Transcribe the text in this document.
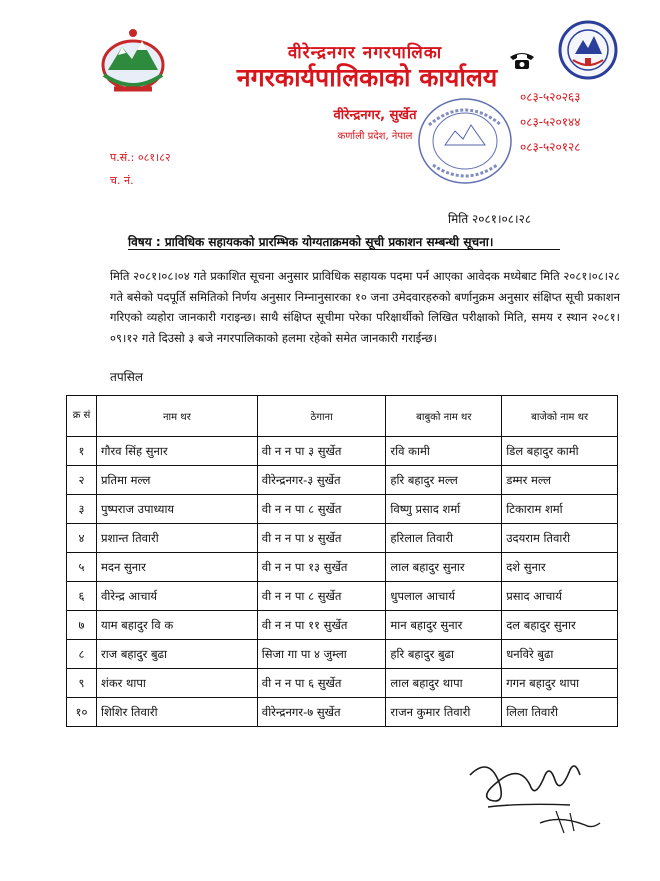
वीरेन्द्रनगर नगरपालिका
नगरकार्यपालिकाको कार्यालय
वीरेन्द्रनगर, सुर्खेत
कर्णाली प्रदेश, नेपाल
प.सं.: ०८१।८२
च. नं.
०८३-५२०२६३
०८३-५२०१४४
०८३-५२०१२८
मिति २०८१।०८।२८
विषय : प्राविधिक सहायकको प्रारम्भिक योग्यताक्रमको सूची प्रकाशन सम्बन्धी सूचना।
मिति २०८१।०८।०४ गते प्रकाशित सूचना अनुसार प्राविधिक सहायक पदमा पर्न आएका आवेदक मध्येबाट मिति २०८१।०८।२८ गते बसेको पदपूर्ति समितिको निर्णय अनुसार निम्नानुसारका १० जना उमेदवारहरुको बर्णानुक्रम अनुसार संक्षिप्त सूची प्रकाशन गरिएको व्यहोरा जानकारी गराइन्छ। साथै संक्षिप्त सूचीमा परेका परिक्षार्थीको लिखित परीक्षाको मिति, समय र स्थान २०८१।०९।१२ गते दिउसो ३ बजे नगरपालिकाको हलमा रहेको समेत जानकारी गराईन्छ।
तपसिल
क्र सं	नाम थर	ठेगाना	बाबुको नाम थर	बाजेको नाम थर
१	गौरव सिंह सुनार	वी न न पा ३ सुर्खेत	रवि कामी	डिल बहादुर कामी
२	प्रतिमा मल्ल	वीरेन्द्रनगर-३ सुर्खेत	हरि बहादुर मल्ल	डम्मर मल्ल
३	पुष्पराज उपाध्याय	वी न न पा ८ सुर्खेत	विष्णु प्रसाद शर्मा	टिकाराम शर्मा
४	प्रशान्त तिवारी	वी न न पा ४ सुर्खेत	हरिलाल तिवारी	उदयराम तिवारी
५	मदन सुनार	वी न न पा १३ सुर्खेत	लाल बहादुर सुनार	दशे सुनार
६	वीरेन्द्र आचार्य	वी न न पा ८ सुर्खेत	धुपलाल आचार्य	प्रसाद आचार्य
७	याम बहादुर वि क	वी न न पा ११ सुर्खेत	मान बहादुर सुनार	दल बहादुर सुनार
८	राज बहादुर बुढा	सिजा गा पा ४ जुम्ला	हरि बहादुर बुढा	धनविरे बुढा
९	शंकर थापा	वी न न पा ६ सुर्खेत	लाल बहादुर थापा	गगन बहादुर थापा
१०	शिशिर तिवारी	वीरेन्द्रनगर-७ सुर्खेत	राजन कुमार तिवारी	लिला तिवारी
